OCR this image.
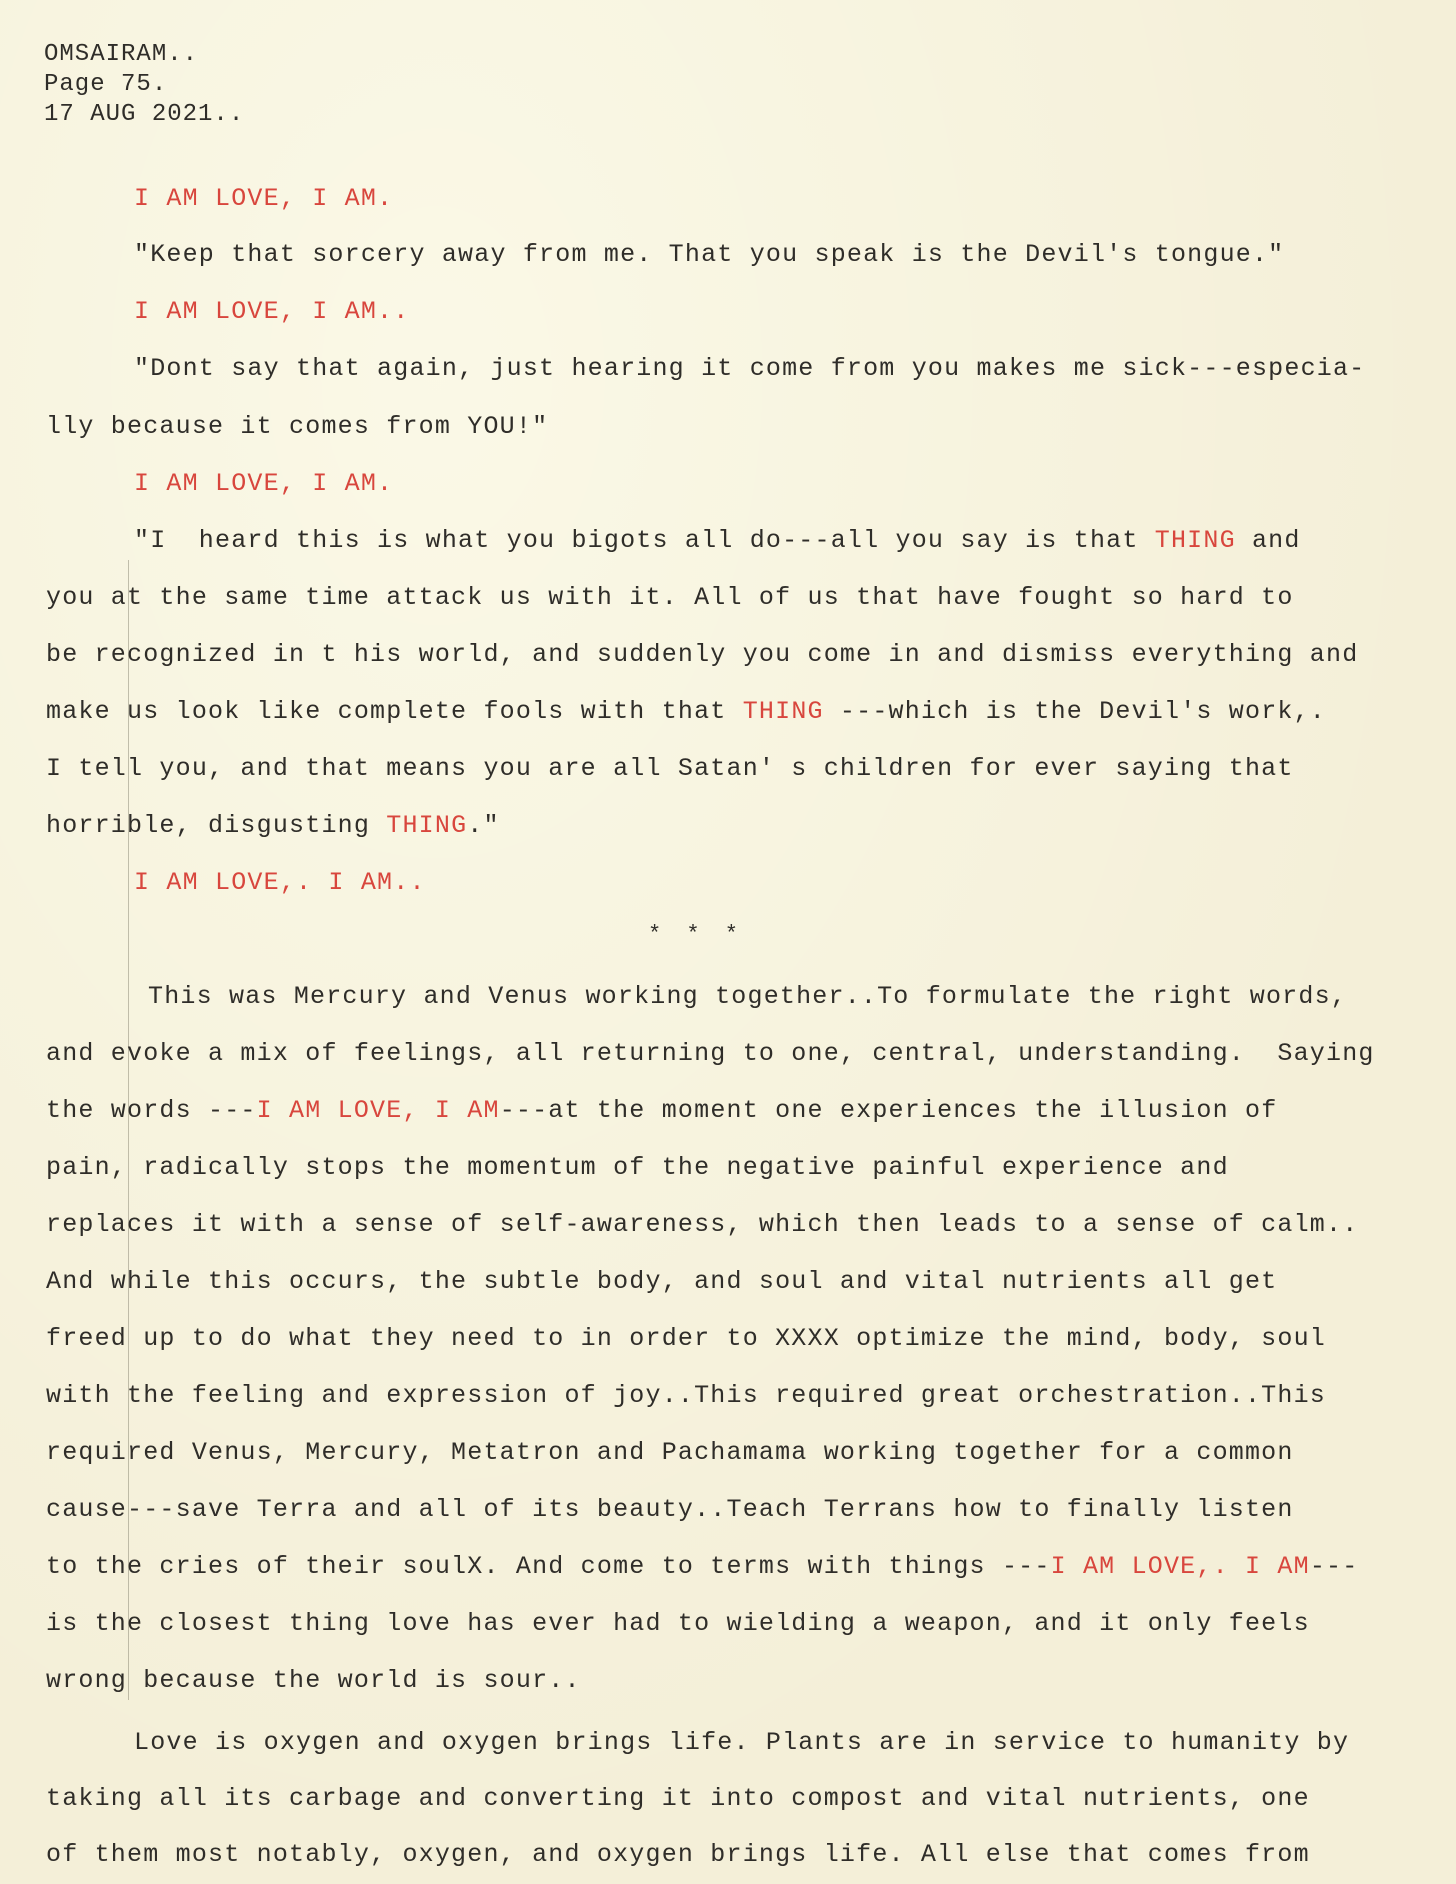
OMSAIRAM..
Page 75.
17 AUG 2021..
I AM LOVE, I AM.
"Keep that sorcery away from me. That you speak is the Devil's tongue."
I AM LOVE, I AM..
"Dont say that again, just hearing it come from you makes me sick---especia-
lly because it comes from YOU!"
I AM LOVE, I AM.
"I  heard this is what you bigots all do---all you say is that THING and
you at the same time attack us with it. All of us that have fought so hard to
be recognized in t his world, and suddenly you come in and dismiss everything and
make us look like complete fools with that THING ---which is the Devil's work,.
I tell you, and that means you are all Satan' s children for ever saying that
horrible, disgusting THING."
I AM LOVE,. I AM..
* * *
This was Mercury and Venus working together..To formulate the right words,
and evoke a mix of feelings, all returning to one, central, understanding.  Saying
the words ---I AM LOVE, I AM---at the moment one experiences the illusion of
pain, radically stops the momentum of the negative painful experience and
replaces it with a sense of self-awareness, which then leads to a sense of calm..
And while this occurs, the subtle body, and soul and vital nutrients all get
freed up to do what they need to in order to XXXX optimize the mind, body, soul
with the feeling and expression of joy..This required great orchestration..This
required Venus, Mercury, Metatron and Pachamama working together for a common
cause---save Terra and all of its beauty..Teach Terrans how to finally listen
to the cries of their soulX. And come to terms with things ---I AM LOVE,. I AM---
is the closest thing love has ever had to wielding a weapon, and it only feels
wrong because the world is sour..
Love is oxygen and oxygen brings life. Plants are in service to humanity by
taking all its carbage and converting it into compost and vital nutrients, one
of them most notably, oxygen, and oxygen brings life. All else that comes from
